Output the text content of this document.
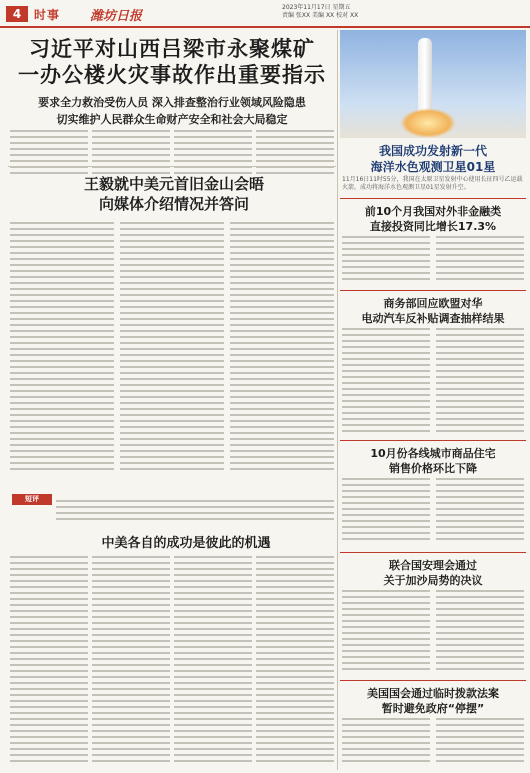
4	时事 潍坊日报
2023年11月17日 星期五
责编 张XX 美编 XX 校对 XX
习近平对山西吕梁市永聚煤矿
一办公楼火灾事故作出重要指示
要求全力救治受伤人员 深入排查整治行业领域风险隐患
切实维护人民群众生命财产安全和社会大局稳定
王毅就中美元首旧金山会晤
向媒体介绍情况并答问
短评
中美各自的成功是彼此的机遇
我国成功发射新一代
海洋水色观测卫星01星
11月16日11时55分，我国在太原卫星发射中心使用长征四号乙运载火箭，成功将海洋水色观测卫星01星发射升空。
前10个月我国对外非金融类
直接投资同比增长17.3%
商务部回应欧盟对华
电动汽车反补贴调查抽样结果
10月份各线城市商品住宅
销售价格环比下降
联合国安理会通过
关于加沙局势的决议
美国国会通过临时拨款法案
暂时避免政府“停摆”
